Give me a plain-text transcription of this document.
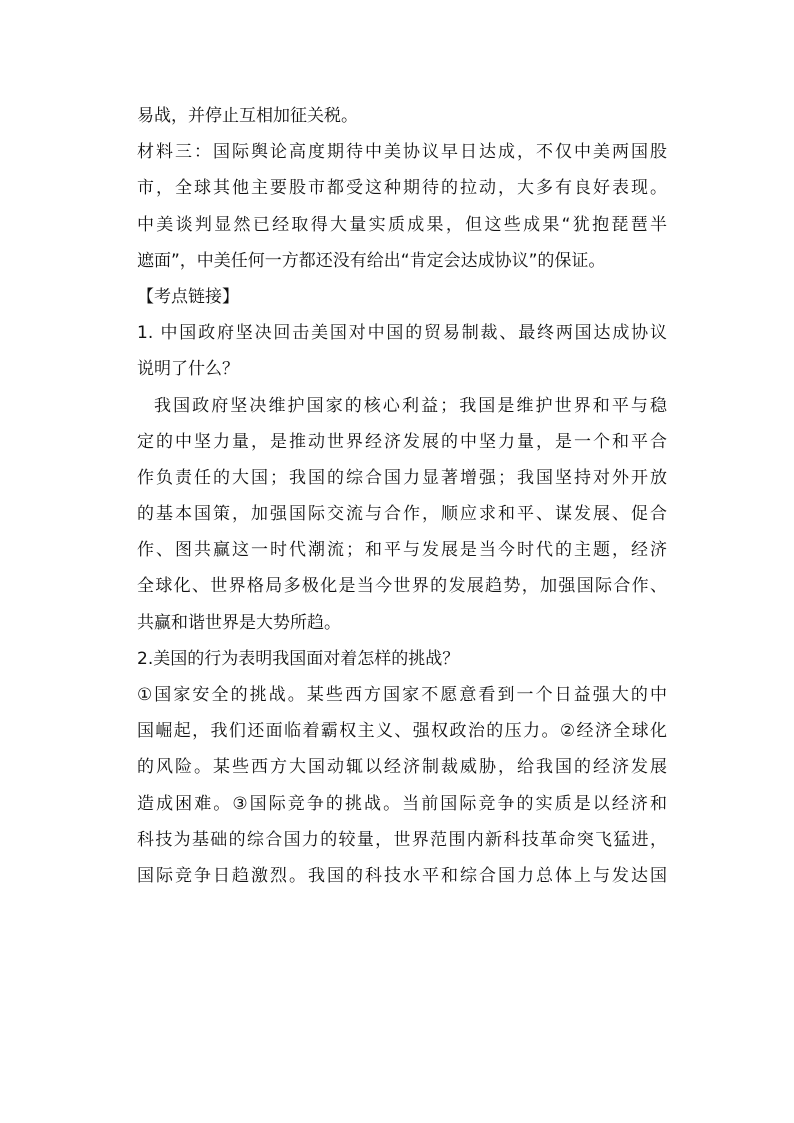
易战，并停止互相加征关税。
材料三：国际舆论高度期待中美协议早日达成，不仅中美两国股
市，全球其他主要股市都受这种期待的拉动，大多有良好表现。
中美谈判显然已经取得大量实质成果，但这些成果“犹抱琵琶半
遮面”，中美任何一方都还没有给出“肯定会达成协议”的保证。
【考点链接】
1. 中国政府坚决回击美国对中国的贸易制裁、最终两国达成协议
说明了什么？
我国政府坚决维护国家的核心利益；我国是维护世界和平与稳
定的中坚力量，是推动世界经济发展的中坚力量，是一个和平合
作负责任的大国；我国的综合国力显著增强；我国坚持对外开放
的基本国策，加强国际交流与合作，顺应求和平、谋发展、促合
作、图共赢这一时代潮流；和平与发展是当今时代的主题，经济
全球化、世界格局多极化是当今世界的发展趋势，加强国际合作、
共赢和谐世界是大势所趋。
2.美国的行为表明我国面对着怎样的挑战？
①国家安全的挑战。某些西方国家不愿意看到一个日益强大的中
国崛起，我们还面临着霸权主义、强权政治的压力。②经济全球化
的风险。某些西方大国动辄以经济制裁威胁，给我国的经济发展
造成困难。③国际竞争的挑战。当前国际竞争的实质是以经济和
科技为基础的综合国力的较量，世界范围内新科技革命突飞猛进，
国际竞争日趋激烈。我国的科技水平和综合国力总体上与发达国
